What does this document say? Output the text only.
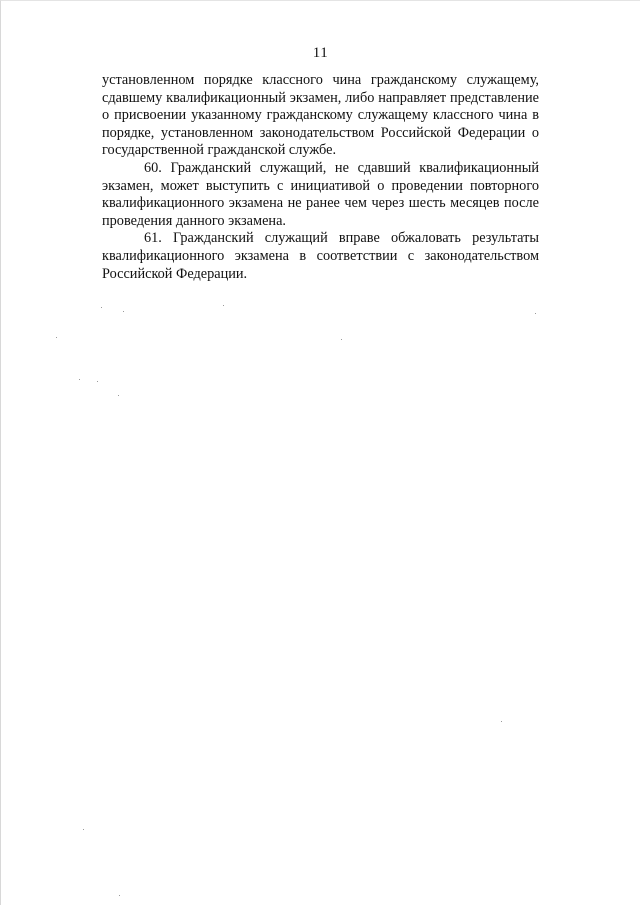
11

установленном порядке классного чина гражданскому служащему, сдавшему квалификационный экзамен, либо направляет представление о присвоении указанному гражданскому служащему классного чина в порядке, установленном законодательством Российской Федерации о государственной гражданской службе.

60. Гражданский служащий, не сдавший квалификационный экзамен, может выступить с инициативой о проведении повторного квалификационного экзамена не ранее чем через шесть месяцев после проведения данного экзамена.

61. Гражданский служащий вправе обжаловать результаты квалификационного экзамена в соответствии с законодательством Российской Федерации.
